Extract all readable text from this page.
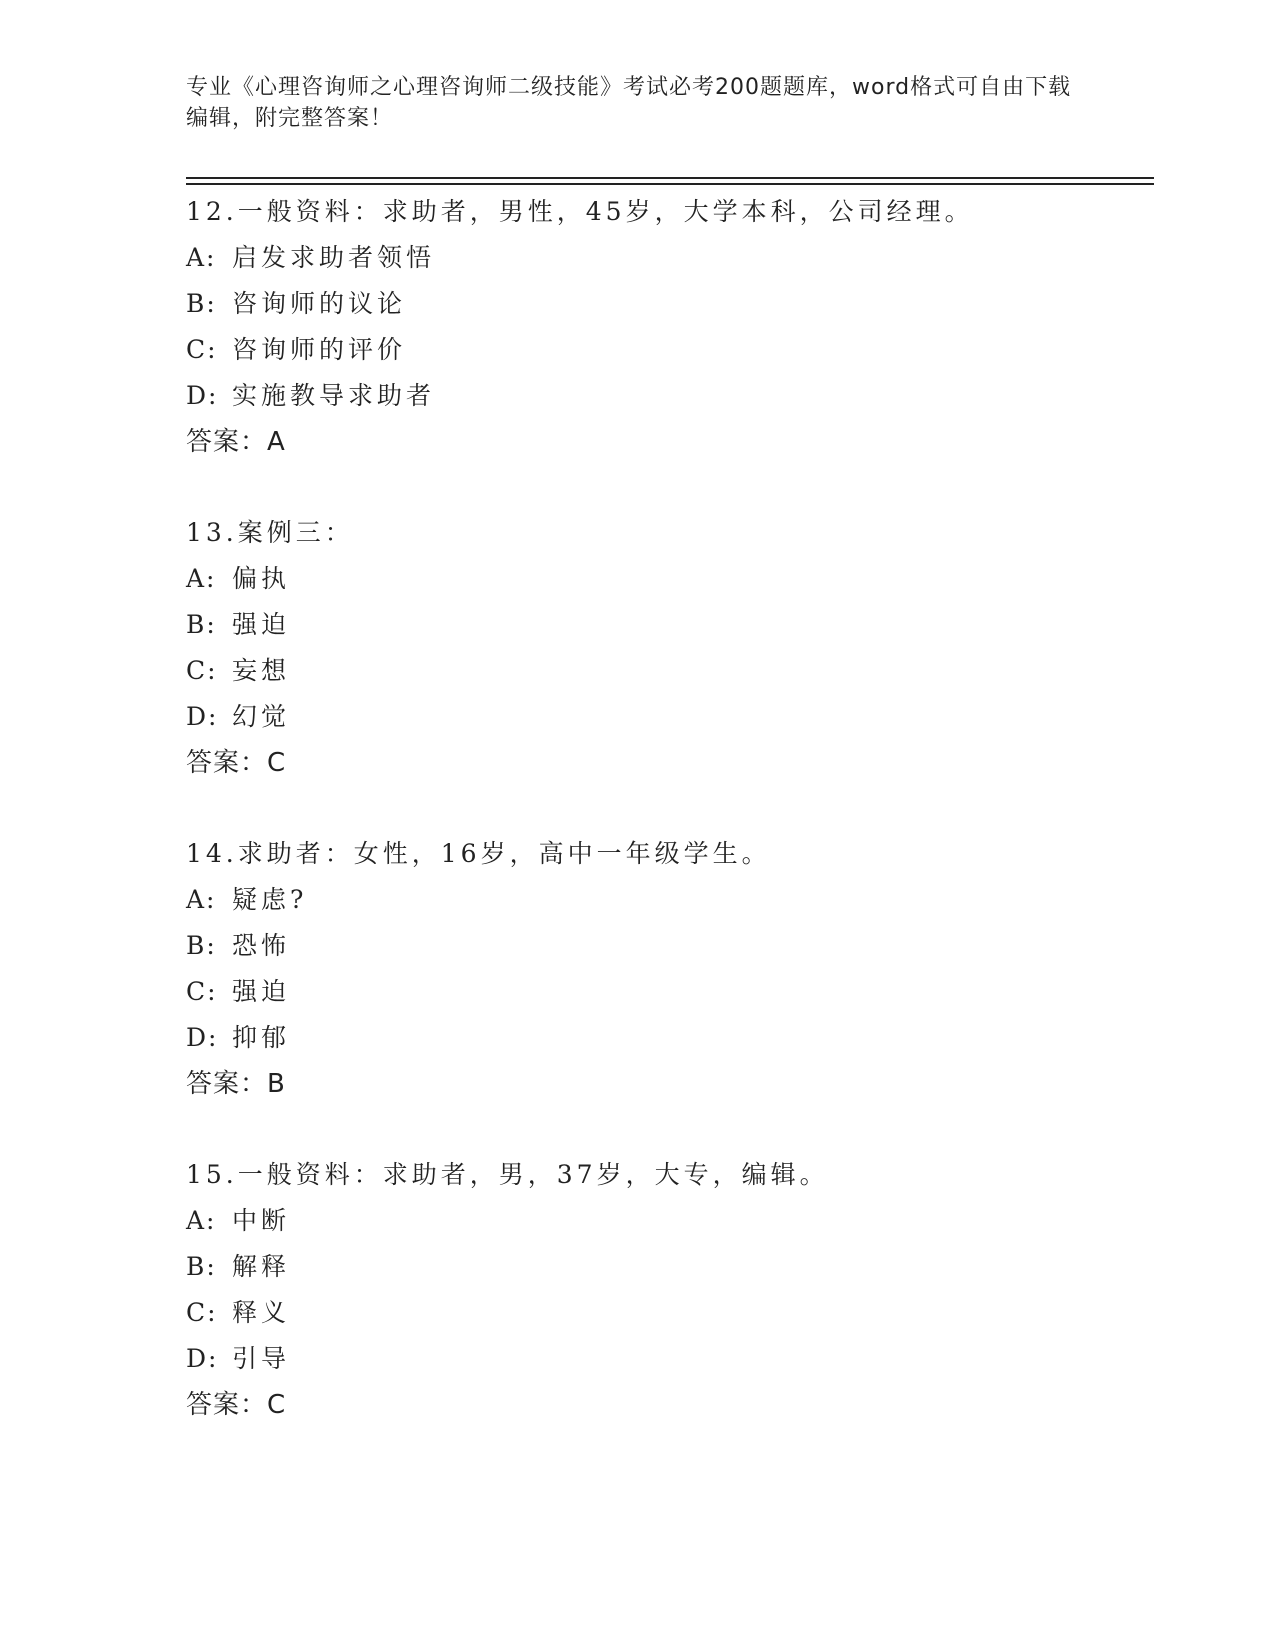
专业《心理咨询师之心理咨询师二级技能》考试必考200题题库，word格式可自由下载编辑，附完整答案！

12.一般资料：求助者，男性，45岁，大学本科，公司经理。
A: 启发求助者领悟
B: 咨询师的议论
C: 咨询师的评价
D: 实施教导求助者
答案：A
13.案例三：
A: 偏执
B: 强迫
C: 妄想
D: 幻觉
答案：C
14.求助者：女性，16岁，高中一年级学生。
A: 疑虑?
B: 恐怖
C: 强迫
D: 抑郁
答案：B
15.一般资料：求助者，男，37岁，大专，编辑。
A: 中断
B: 解释
C: 释义
D: 引导
答案：C
